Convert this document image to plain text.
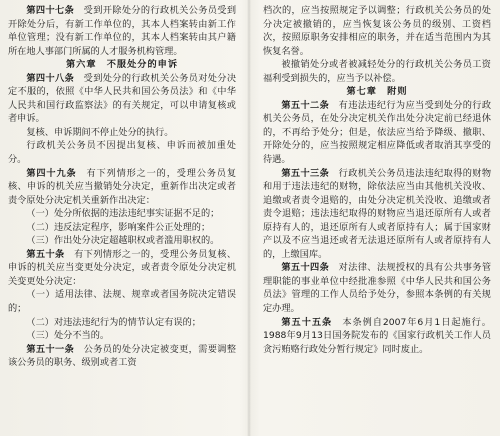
第四十七条　 受到开除处分的行政机关公务员受到开除处分后，有新工作单位的，其本人档案转由新工作单位管理；没有新工作单位的，其本人档案转由其户籍所在地人事部门所属的人才服务机构管理。

第六章　不服处分的申诉

第四十八条　 受到处分的行政机关公务员对处分决定不服的，依照《中华人民共和国公务员法》和《中华人民共和国行政监察法》的有关规定，可以申请复核或者申诉。

复核、申诉期间不停止处分的执行。

行政机关公务员不因提出复核、申诉而被加重处分。

第四十九条　 有下列情形之一的，受理公务员复核、申诉的机关应当撤销处分决定，重新作出决定或者责令原处分决定机关重新作出决定：

（一）处分所依据的违法违纪事实证据不足的；

（二）违反法定程序，影响案件公正处理的；

（三）作出处分决定超越职权或者滥用职权的。

第五十条　 有下列情形之一的，受理公务员复核、申诉的机关应当变更处分决定，或者责令原处分决定机关变更处分决定：

（一）适用法律、法规、规章或者国务院决定错误的；

（二）对违法违纪行为的情节认定有误的；

（三）处分不当的。

第五十一条　 公务员的处分决定被变更，需要调整该公务员的职务、级别或者工资

档次的，应当按照规定予以调整；行政机关公务员的处分决定被撤销的，应当恢复该公务员的级别、工资档次，按照原职务安排相应的职务，并在适当范围内为其恢复名誉。

被撤销处分或者被减轻处分的行政机关公务员工资福利受到损失的，应当予以补偿。

第七章　附则

第五十二条　 有违法违纪行为应当受到处分的行政机关公务员，在处分决定机关作出处分决定前已经退休的，不再给予处分；但是，依法应当给予降级、撤职、开除处分的，应当按照规定相应降低或者取消其享受的待遇。

第五十三条　 行政机关公务员违法违纪取得的财物和用于违法违纪的财物，除依法应当由其他机关没收、追缴或者责令退赔的，由处分决定机关没收、追缴或者责令退赔；违法违纪取得的财物应当退还原所有人或者原持有人的，退还原所有人或者原持有人；属于国家财产以及不应当退还或者无法退还原所有人或者原持有人的，上缴国库。

第五十四条　 对法律、法规授权的具有公共事务管理职能的事业单位中经批准参照《中华人民共和国公务员法》管理的工作人员给予处分，参照本条例的有关规定办理。

第五十五条　 本条例自2007年6月1日起施行。1988年9月13日国务院发布的《国家行政机关工作人员贪污贿赂行政处分暂行规定》同时废止。
